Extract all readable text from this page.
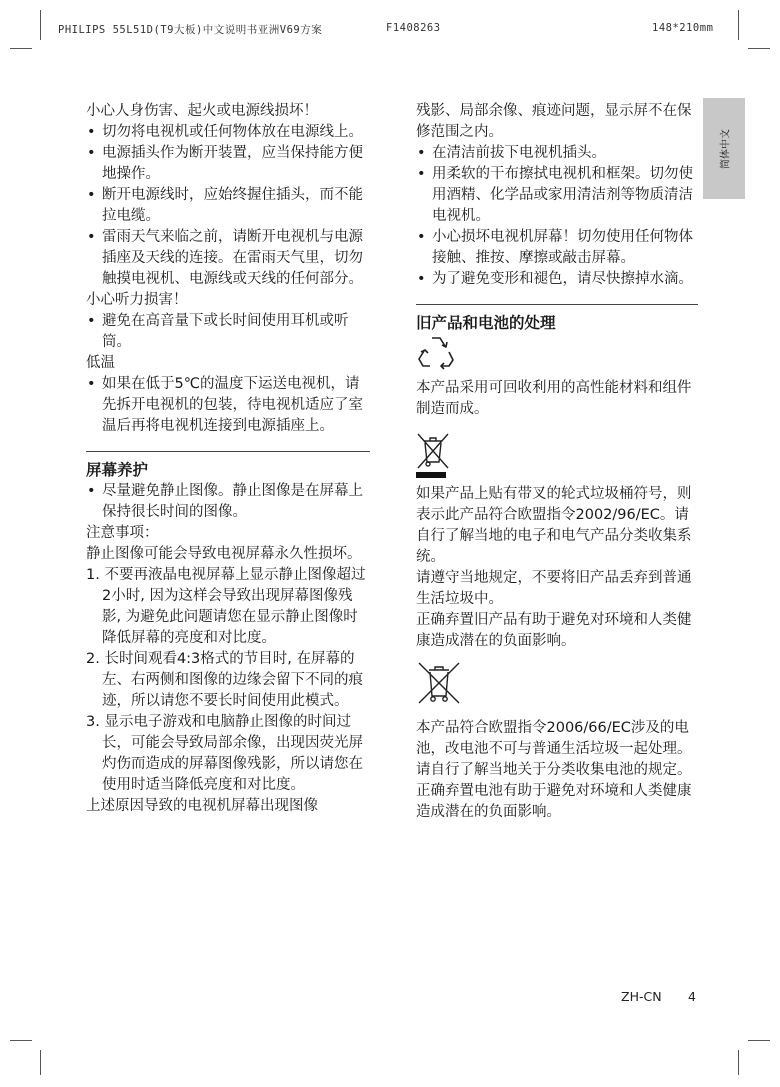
PHILIPS 55L51D(T9大板)中文说明书亚洲V69方案	F1408263	148*210mm
简体中文

小心人身伤害、起火或电源线损坏！

• 切勿将电视机或任何物体放在电源线上。

• 电源插头作为断开装置，应当保持能方便地操作。

• 断开电源线时，应始终握住插头，而不能拉电缆。

• 雷雨天气来临之前，请断开电视机与电源插座及天线的连接。在雷雨天气里，切勿触摸电视机、电源线或天线的任何部分。

小心听力损害！

• 避免在高音量下或长时间使用耳机或听筒。

低温

• 如果在低于5℃的温度下运送电视机，请先拆开电视机的包装，待电视机适应了室温后再将电视机连接到电源插座上。

屏幕养护

• 尽量避免静止图像。静止图像是在屏幕上保持很长时间的图像。

注意事项：

静止图像可能会导致电视屏幕永久性损坏。

1. 不要再液晶电视屏幕上显示静止图像超过2小时, 因为这样会导致出现屏幕图像残影, 为避免此问题请您在显示静止图像时降低屏幕的亮度和对比度。

2. 长时间观看4:3格式的节目时, 在屏幕的左、右两侧和图像的边缘会留下不同的痕迹，所以请您不要长时间使用此模式。

3. 显示电子游戏和电脑静止图像的时间过长，可能会导致局部余像，出现因荧光屏灼伤而造成的屏幕图像残影，所以请您在使用时适当降低亮度和对比度。

上述原因导致的电视机屏幕出现图像

残影、局部余像、痕迹问题，显示屏不在保修范围之内。

• 在清洁前拔下电视机插头。

• 用柔软的干布擦拭电视机和框架。切勿使用酒精、化学品或家用清洁剂等物质清洁电视机。

• 小心损坏电视机屏幕！切勿使用任何物体接触、推按、摩擦或敲击屏幕。

• 为了避免变形和褪色，请尽快擦掉水滴。

旧产品和电池的处理

本产品采用可回收利用的高性能材料和组件制造而成。

如果产品上贴有带叉的轮式垃圾桶符号，则表示此产品符合欧盟指令2002/96/EC。请自行了解当地的电子和电气产品分类收集系统。

请遵守当地规定，不要将旧产品丢弃到普通生活垃圾中。

正确弃置旧产品有助于避免对环境和人类健康造成潜在的负面影响。

本产品符合欧盟指令2006/66/EC涉及的电池，改电池不可与普通生活垃圾一起处理。

请自行了解当地关于分类收集电池的规定。正确弃置电池有助于避免对环境和人类健康造成潜在的负面影响。

ZH-CN 4
